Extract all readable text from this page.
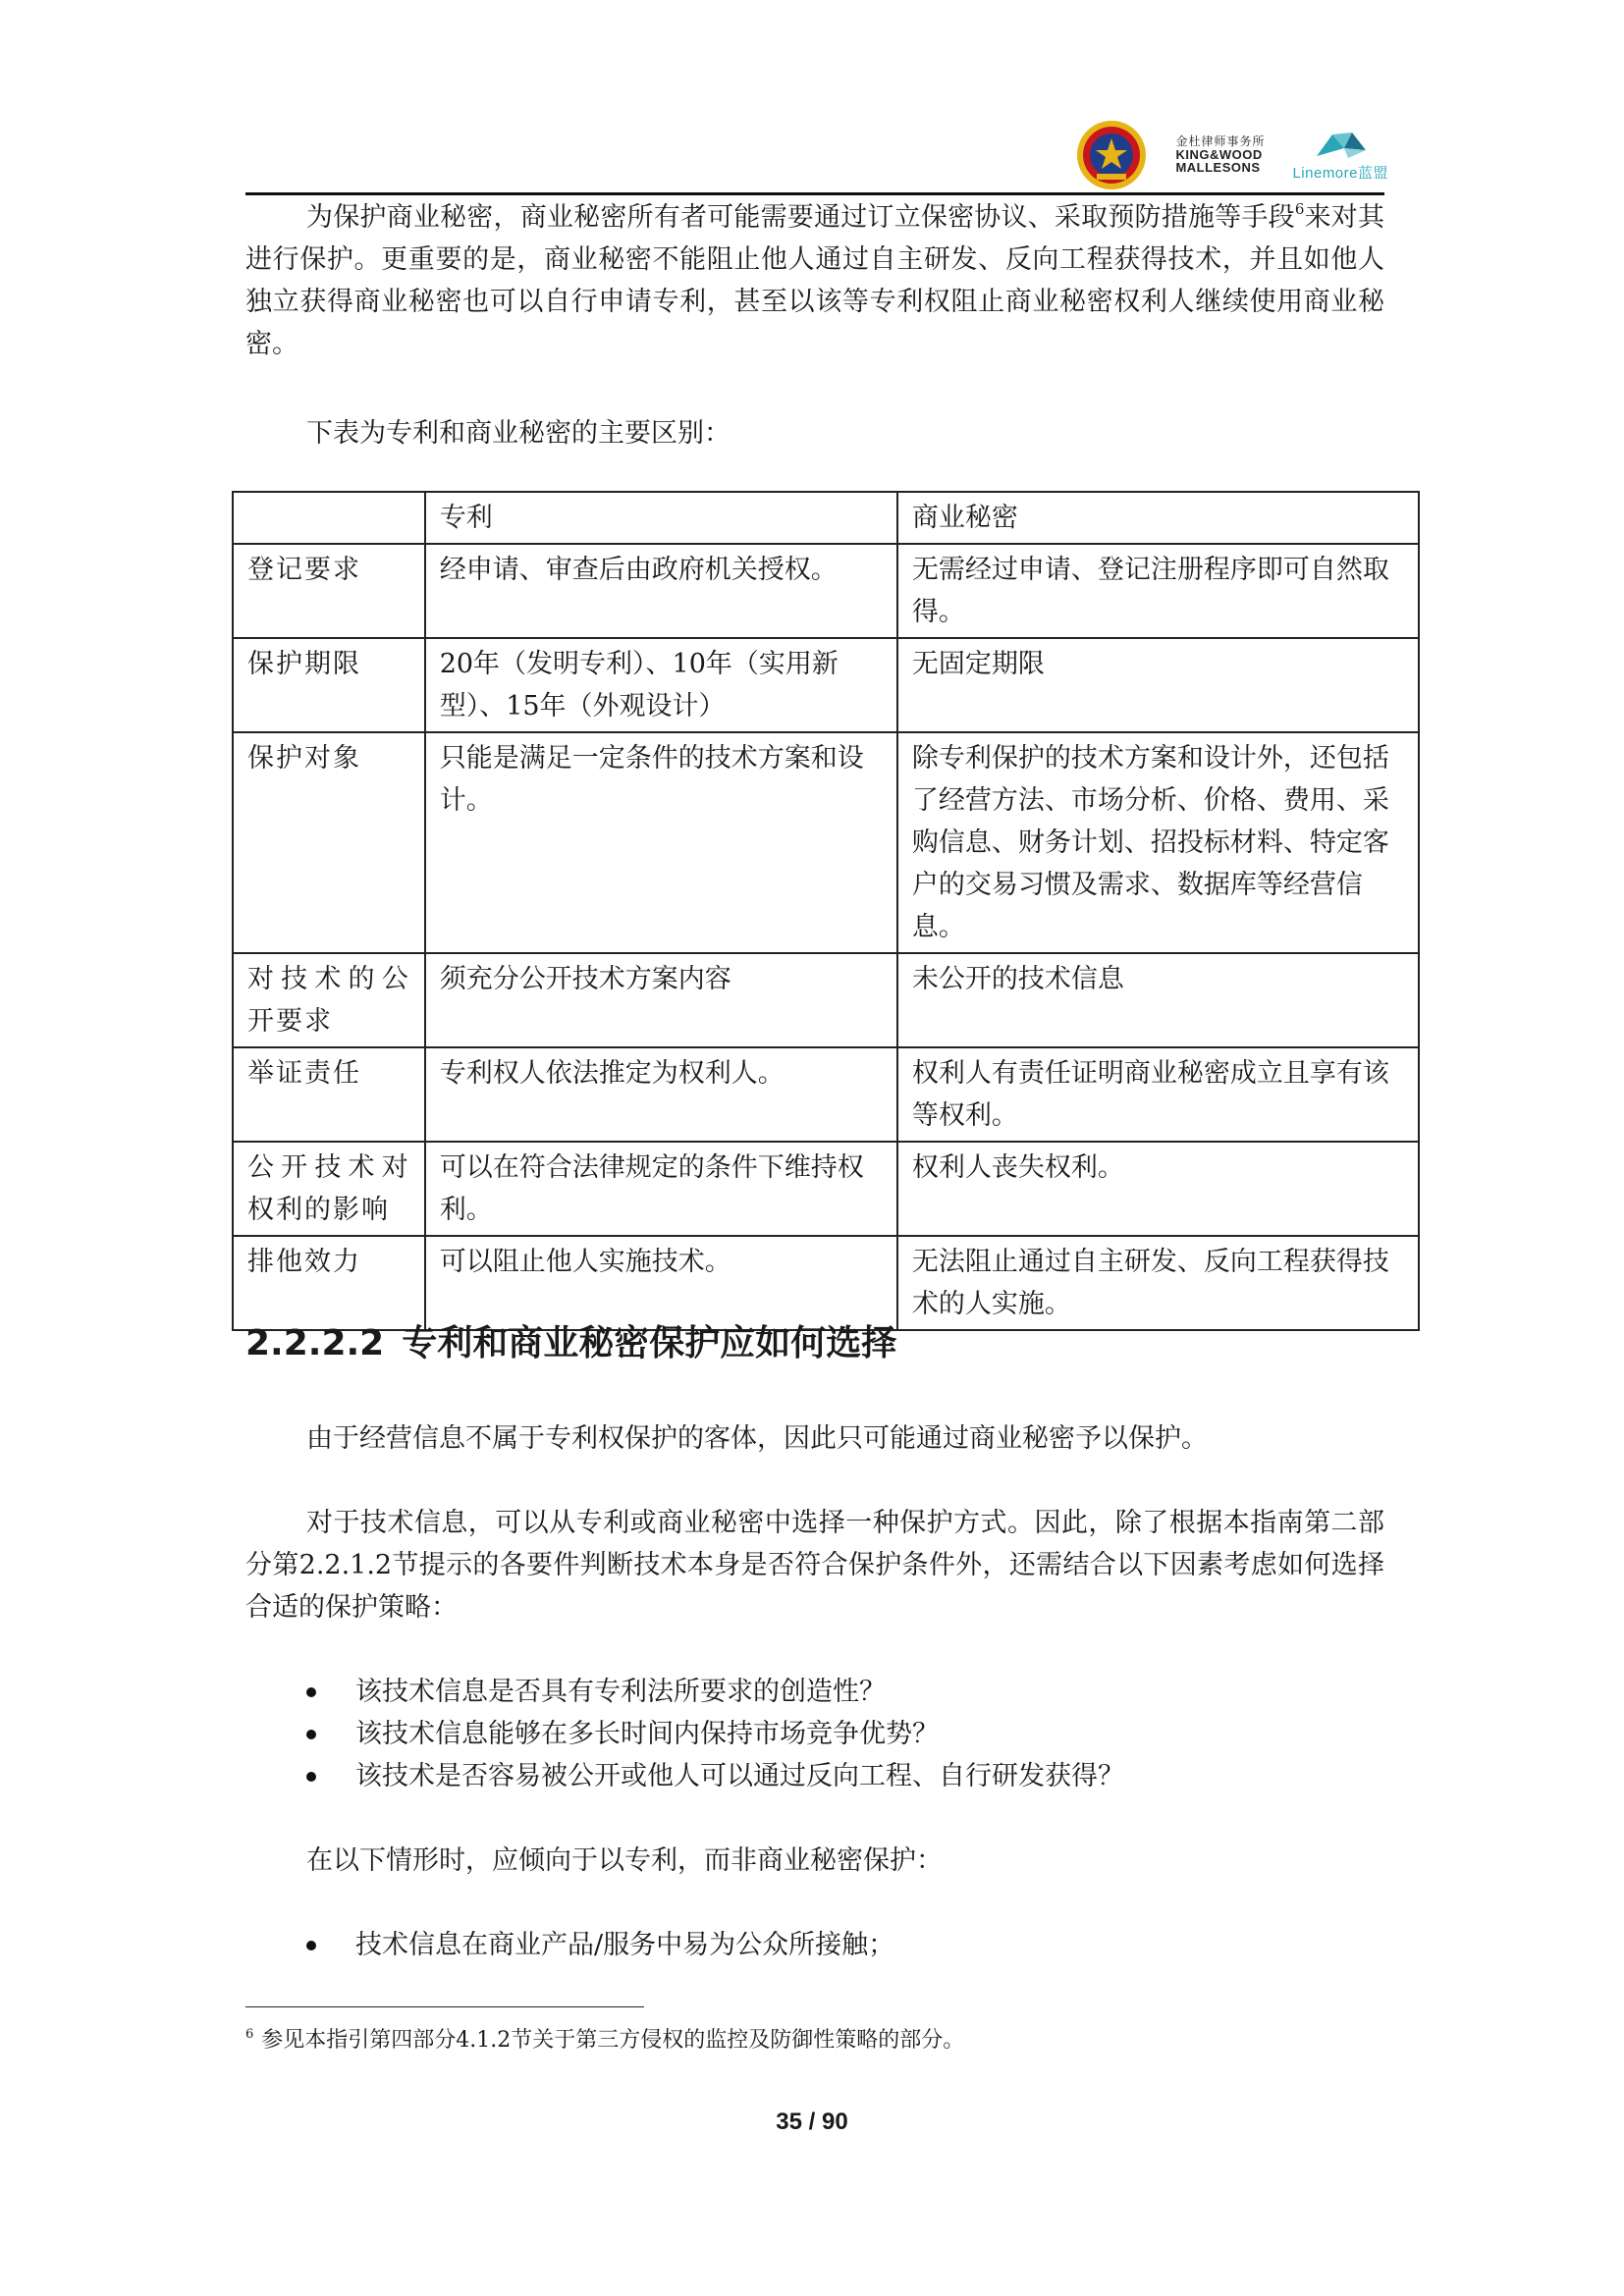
金杜律师事务所
KING&WOOD
MALLESONS Linemore蓝盟

为保护商业秘密，商业秘密所有者可能需要通过订立保密协议、采取预防措施等手段$^6$来对其进行保护。更重要的是，商业秘密不能阻止他人通过自主研发、反向工程获得技术，并且如他人独立获得商业秘密也可以自行申请专利，甚至以该等专利权阻止商业秘密权利人继续使用商业秘密。

下表为专利和商业秘密的主要区别：

	专利	商业秘密
登记要求	经申请、审查后由政府机关授权。	无需经过申请、登记注册程序即可自然取得。
保护期限	20年（发明专利）、10年（实用新型）、15年（外观设计）	无固定期限
保护对象	只能是满足一定条件的技术方案和设计。	除专利保护的技术方案和设计外，还包括了经营方法、市场分析、价格、费用、采购信息、财务计划、招投标材料、特定客户的交易习惯及需求、数据库等经营信息。
对技术的公开要求	须充分公开技术方案内容	未公开的技术信息
举证责任	专利权人依法推定为权利人。	权利人有责任证明商业秘密成立且享有该等权利。
公开技术对权利的影响	可以在符合法律规定的条件下维持权利。	权利人丧失权利。
排他效力	可以阻止他人实施技术。	无法阻止通过自主研发、反向工程获得技术的人实施。
2.2.2.2 专利和商业秘密保护应如何选择

由于经营信息不属于专利权保护的客体，因此只可能通过商业秘密予以保护。

对于技术信息，可以从专利或商业秘密中选择一种保护方式。因此，除了根据本指南第二部分第2.2.1.2节提示的各要件判断技术本身是否符合保护条件外，还需结合以下因素考虑如何选择合适的保护策略：

该技术信息是否具有专利法所要求的创造性？
该技术信息能够在多长时间内保持市场竞争优势？
该技术是否容易被公开或他人可以通过反向工程、自行研发获得？

在以下情形时，应倾向于以专利，而非商业秘密保护：

技术信息在商业产品/服务中易为公众所接触；
$^6$ 参见本指引第四部分4.1.2节关于第三方侵权的监控及防御性策略的部分。
35 / 90
